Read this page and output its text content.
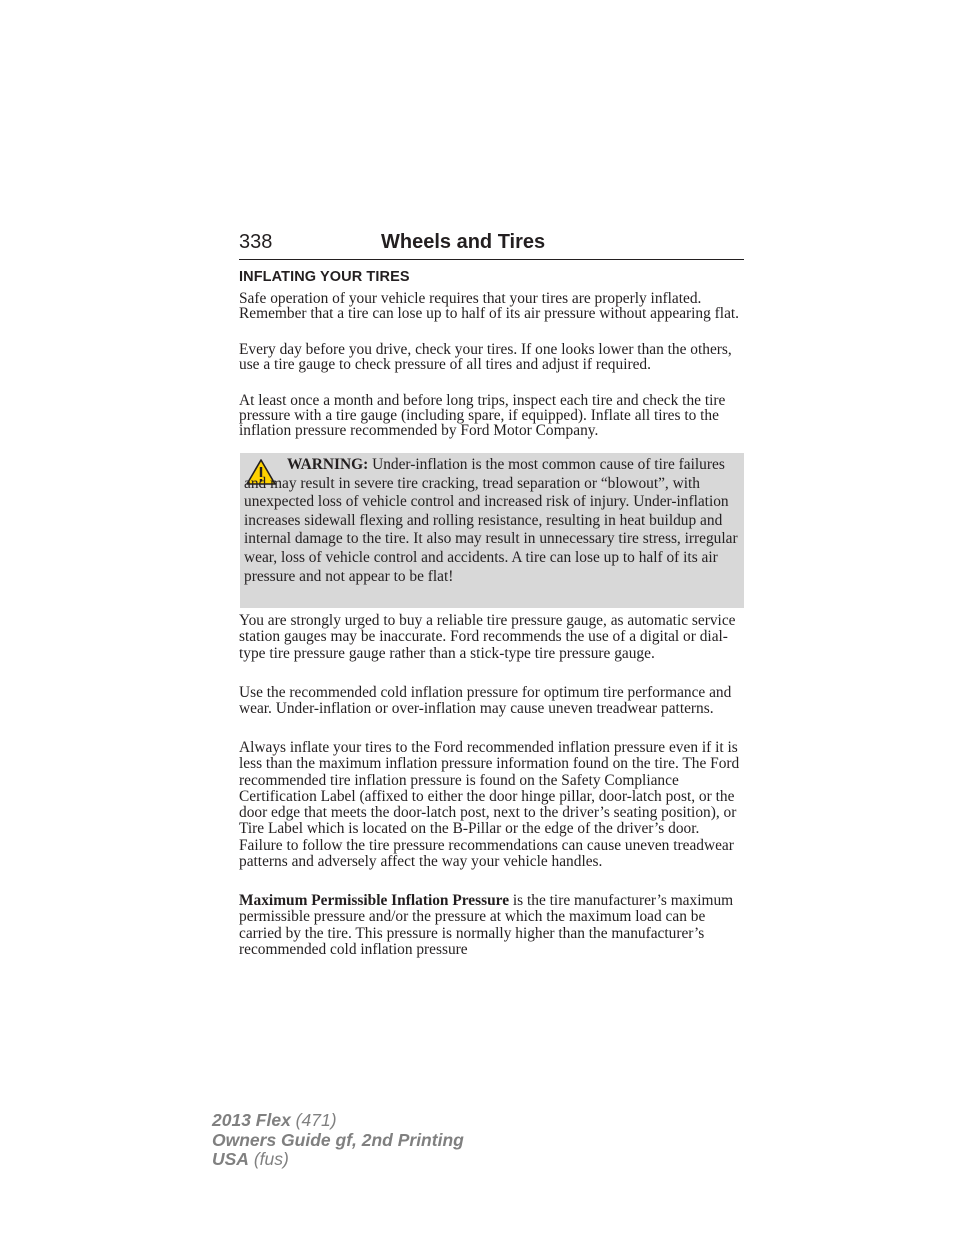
338	Wheels and Tires
INFLATING YOUR TIRES

Safe operation of your vehicle requires that your tires are properly inflated. Remember that a tire can lose up to half of its air pressure without appearing flat.

Every day before you drive, check your tires. If one looks lower than the others, use a tire gauge to check pressure of all tires and adjust if required.

At least once a month and before long trips, inspect each tire and check the tire pressure with a tire gauge (including spare, if equipped). Inflate all tires to the inflation pressure recommended by Ford Motor Company.

WARNING: Under-inflation is the most common cause of tire failures and may result in severe tire cracking, tread separation or “blowout”, with unexpected loss of vehicle control and increased risk of injury. Under-inflation increases sidewall flexing and rolling resistance, resulting in heat buildup and internal damage to the tire. It also may result in unnecessary tire stress, irregular wear, loss of vehicle control and accidents. A tire can lose up to half of its air pressure and not appear to be flat!

You are strongly urged to buy a reliable tire pressure gauge, as automatic service station gauges may be inaccurate. Ford recommends the use of a digital or dial-type tire pressure gauge rather than a stick-type tire pressure gauge.

Use the recommended cold inflation pressure for optimum tire performance and wear. Under-inflation or over-inflation may cause uneven treadwear patterns.

Always inflate your tires to the Ford recommended inflation pressure even if it is less than the maximum inflation pressure information found on the tire. The Ford recommended tire inflation pressure is found on the Safety Compliance Certification Label (affixed to either the door hinge pillar, door-latch post, or the door edge that meets the door-latch post, next to the driver’s seating position), or Tire Label which is located on the B-Pillar or the edge of the driver’s door. Failure to follow the tire pressure recommendations can cause uneven treadwear patterns and adversely affect the way your vehicle handles.

Maximum Permissible Inflation Pressure is the tire manufacturer’s maximum permissible pressure and/or the pressure at which the maximum load can be carried by the tire. This pressure is normally higher than the manufacturer’s recommended cold inflation pressure

2013 Flex (471)
Owners Guide gf, 2nd Printing
USA (fus)
